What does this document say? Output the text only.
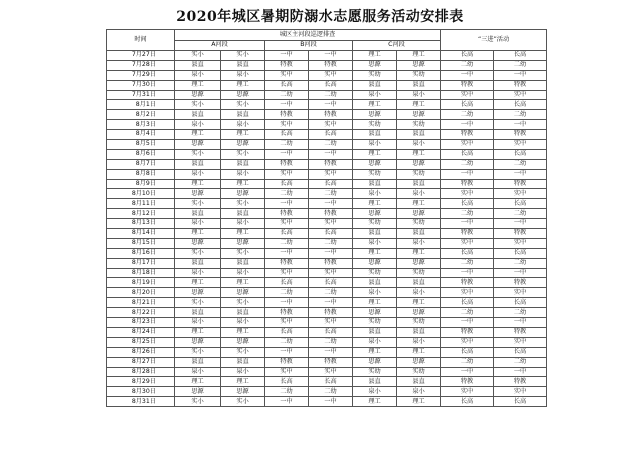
2020年城区暑期防溺水志愿服务活动安排表
时间	城区主河段巡逻排查						“三进”活动	
	A河段		B河段		C河段			
7月27日	实小	实小	一中	一中	理工	理工	长高	长高
7月28日	县直	县直	特教	特教	思源	思源	二幼	二幼
7月29日	泉小	泉小	实中	实中	实幼	实幼	一中	一中
7月30日	理工	理工	长高	长高	县直	县直	特教	特教
7月31日	思源	思源	二幼	二幼	泉小	泉小	实中	实中
8月1日	实小	实小	一中	一中	理工	理工	长高	长高
8月2日	县直	县直	特教	特教	思源	思源	二幼	二幼
8月3日	泉小	泉小	实中	实中	实幼	实幼	一中	一中
8月4日	理工	理工	长高	长高	县直	县直	特教	特教
8月5日	思源	思源	二幼	二幼	泉小	泉小	实中	实中
8月6日	实小	实小	一中	一中	理工	理工	长高	长高
8月7日	县直	县直	特教	特教	思源	思源	二幼	二幼
8月8日	泉小	泉小	实中	实中	实幼	实幼	一中	一中
8月9日	理工	理工	长高	长高	县直	县直	特教	特教
8月10日	思源	思源	二幼	二幼	泉小	泉小	实中	实中
8月11日	实小	实小	一中	一中	理工	理工	长高	长高
8月12日	县直	县直	特教	特教	思源	思源	二幼	二幼
8月13日	泉小	泉小	实中	实中	实幼	实幼	一中	一中
8月14日	理工	理工	长高	长高	县直	县直	特教	特教
8月15日	思源	思源	二幼	二幼	泉小	泉小	实中	实中
8月16日	实小	实小	一中	一中	理工	理工	长高	长高
8月17日	县直	县直	特教	特教	思源	思源	二幼	二幼
8月18日	泉小	泉小	实中	实中	实幼	实幼	一中	一中
8月19日	理工	理工	长高	长高	县直	县直	特教	特教
8月20日	思源	思源	二幼	二幼	泉小	泉小	实中	实中
8月21日	实小	实小	一中	一中	理工	理工	长高	长高
8月22日	县直	县直	特教	特教	思源	思源	二幼	二幼
8月23日	泉小	泉小	实中	实中	实幼	实幼	一中	一中
8月24日	理工	理工	长高	长高	县直	县直	特教	特教
8月25日	思源	思源	二幼	二幼	泉小	泉小	实中	实中
8月26日	实小	实小	一中	一中	理工	理工	长高	长高
8月27日	县直	县直	特教	特教	思源	思源	二幼	二幼
8月28日	泉小	泉小	实中	实中	实幼	实幼	一中	一中
8月29日	理工	理工	长高	长高	县直	县直	特教	特教
8月30日	思源	思源	二幼	二幼	泉小	泉小	实中	实中
8月31日	实小	实小	一中	一中	理工	理工	长高	长高
